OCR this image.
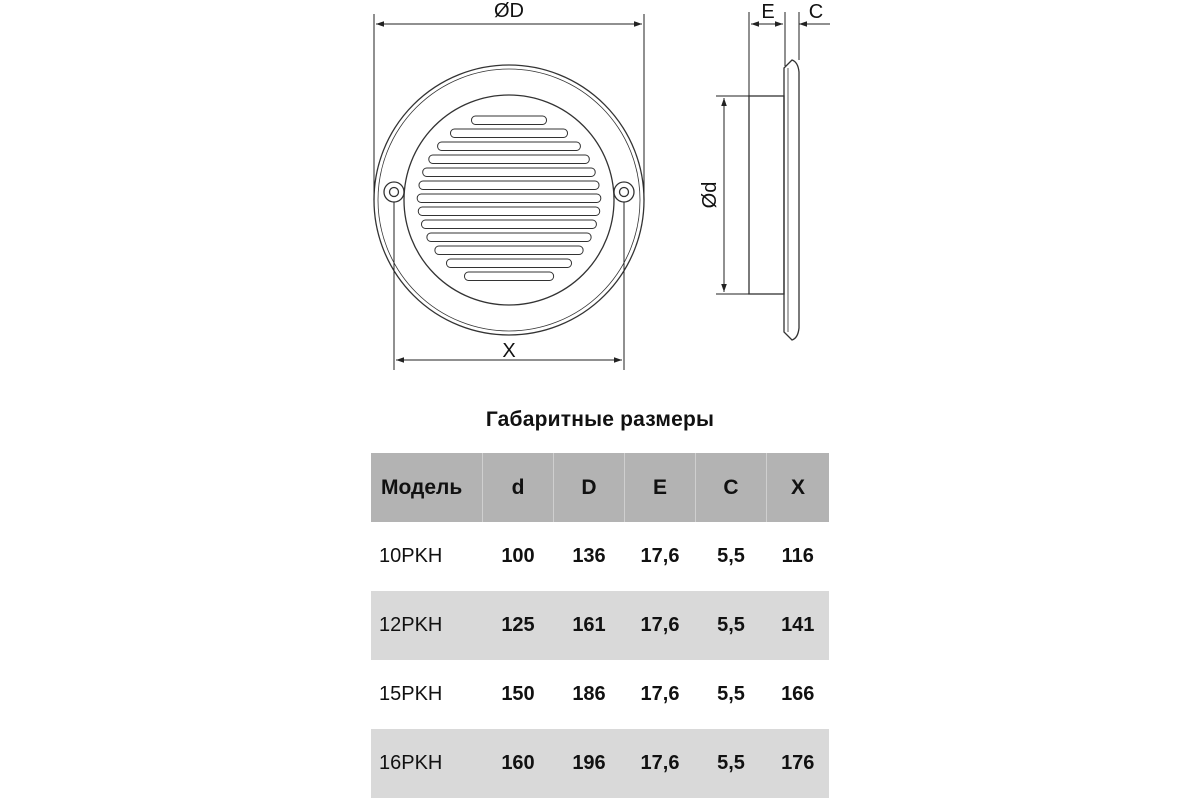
ØD
X
E C
Ød
Габаритные размеры
Модель	d	D	E	C	X
10PKH	100	136	17,6	5,5	116
12PKH	125	161	17,6	5,5	141
15PKH	150	186	17,6	5,5	166
16PKH	160	196	17,6	5,5	176
